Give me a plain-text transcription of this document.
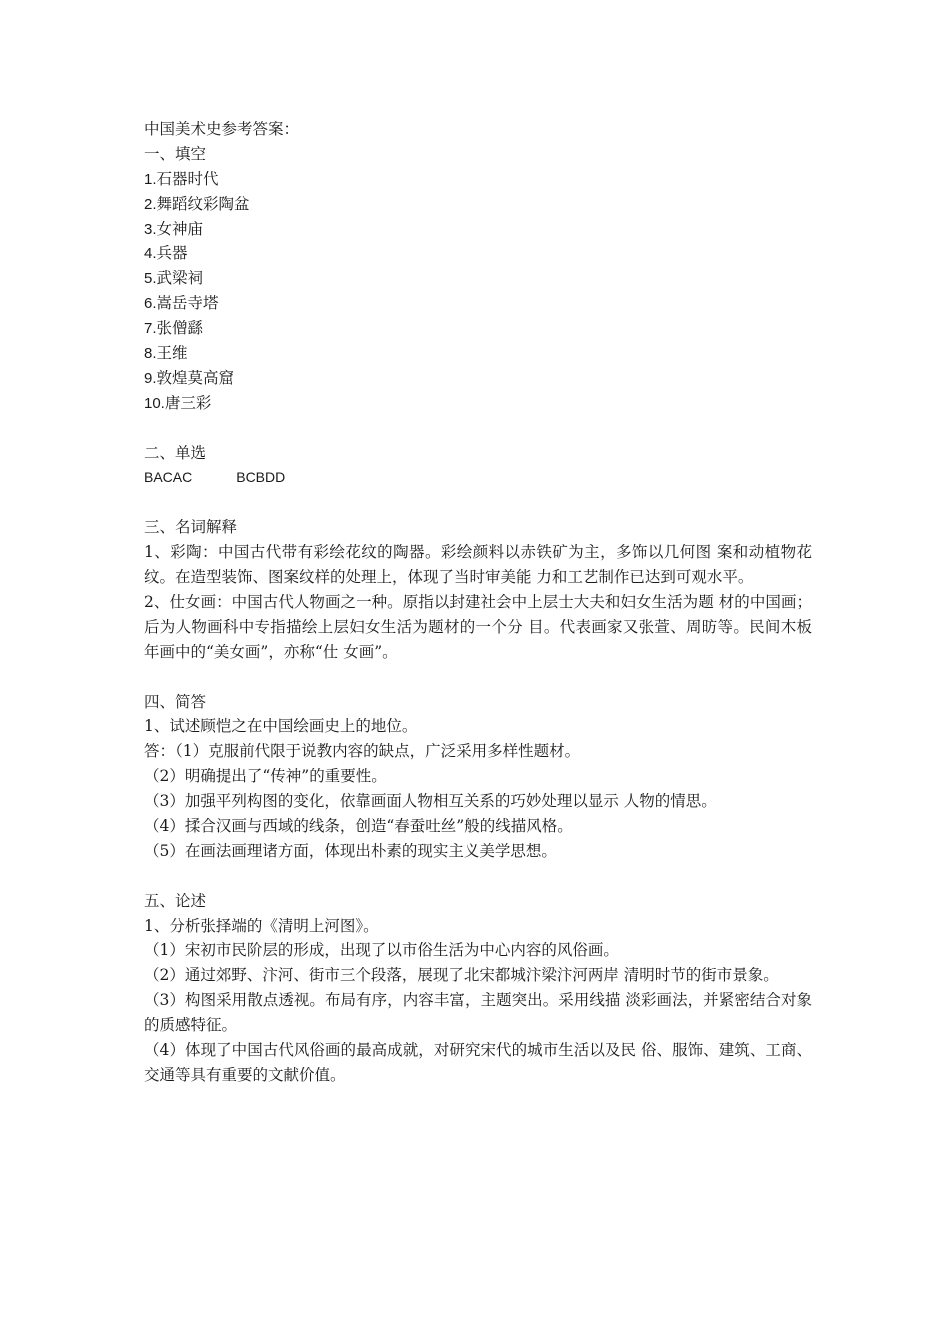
中国美术史参考答案：
一、填空
1.石器时代
2.舞蹈纹彩陶盆
3.女神庙
4.兵器
5.武梁祠
6.嵩岳寺塔
7.张僧繇
8.王维
9.敦煌莫高窟
10.唐三彩
二、单选
BACAC	BCBDD
三、名词解释
1、彩陶：中国古代带有彩绘花纹的陶器。彩绘颜料以赤铁矿为主，多饰以几何图 案和动植物花纹。在造型装饰、图案纹样的处理上，体现了当时审美能 力和工艺制作已达到可观水平。
2、仕女画：中国古代人物画之一种。原指以封建社会中上层士大夫和妇女生活为题 材的中国画；后为人物画科中专指描绘上层妇女生活为题材的一个分 目。代表画家又张萱、周昉等。民间木板年画中的“美女画”，亦称“仕 女画”。
四、简答
1、试述顾恺之在中国绘画史上的地位。
答：（1）克服前代限于说教内容的缺点，广泛采用多样性题材。
（2）明确提出了“传神”的重要性。
（3）加强平列构图的变化，依靠画面人物相互关系的巧妙处理以显示 人物的情思。
（4）揉合汉画与西域的线条，创造“春蚕吐丝”般的线描风格。
（5）在画法画理诸方面，体现出朴素的现实主义美学思想。
五、论述
1、分析张择端的《清明上河图》。
（1）宋初市民阶层的形成，出现了以市俗生活为中心内容的风俗画。
（2）通过郊野、汴河、街市三个段落，展现了北宋都城汴梁汴河两岸 清明时节的街市景象。
（3）构图采用散点透视。布局有序，内容丰富，主题突出。采用线描 淡彩画法，并紧密结合对象的质感特征。
（4）体现了中国古代风俗画的最高成就，对研究宋代的城市生活以及民 俗、服饰、建筑、工商、交通等具有重要的文献价值。
